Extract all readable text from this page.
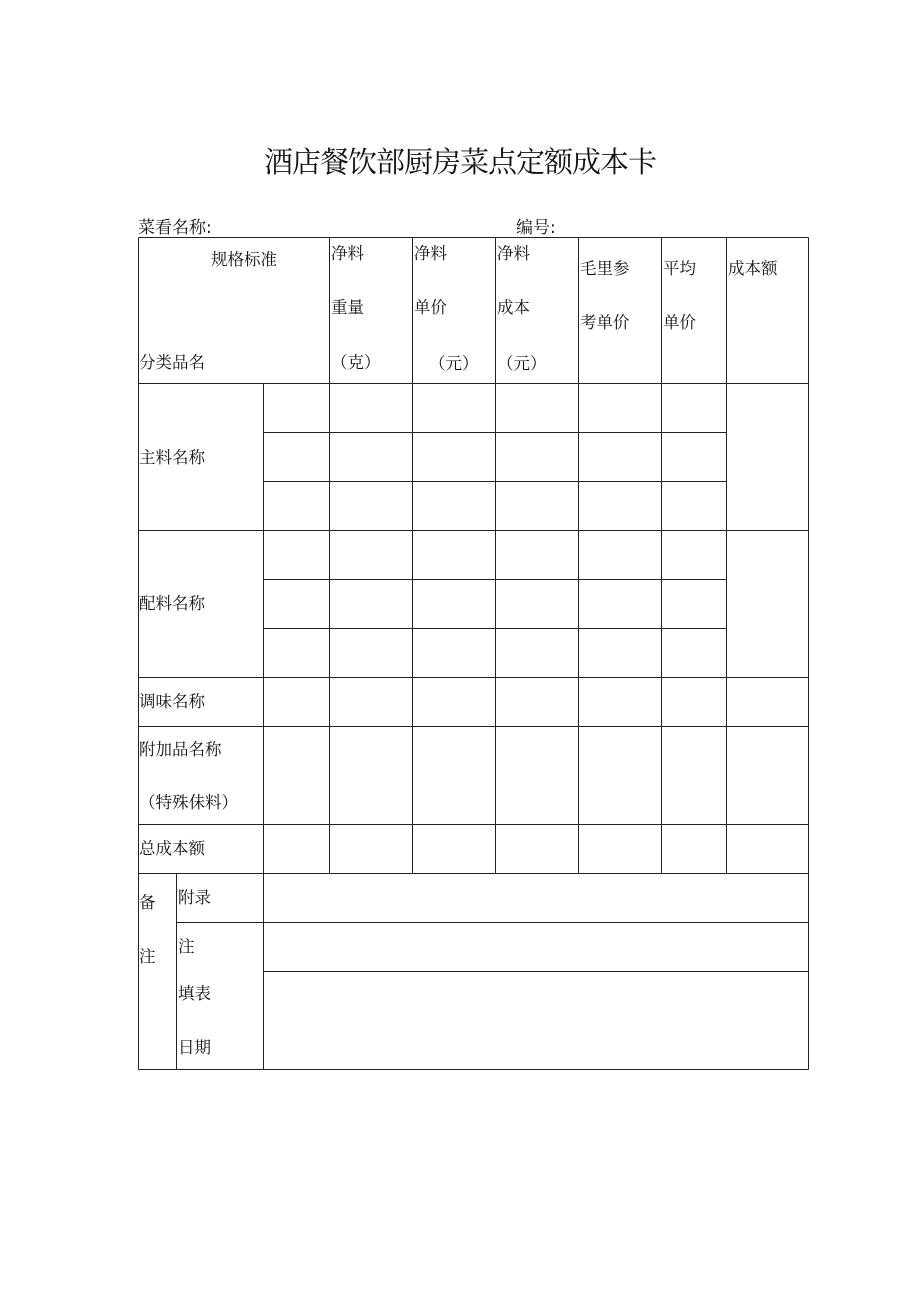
酒店餐饮部厨房菜点定额成本卡
菜看名称:	编号:
规格标准
分类品名
净料
重量
（克）
净料
单价
（元）
净料
成本
（元）
毛里参
考单价
平均
单价
成本额
主料名称
配料名称
调味名称
附加品名称
（特殊佅料）
总成本额
备
注
附录
注
填表
日期
